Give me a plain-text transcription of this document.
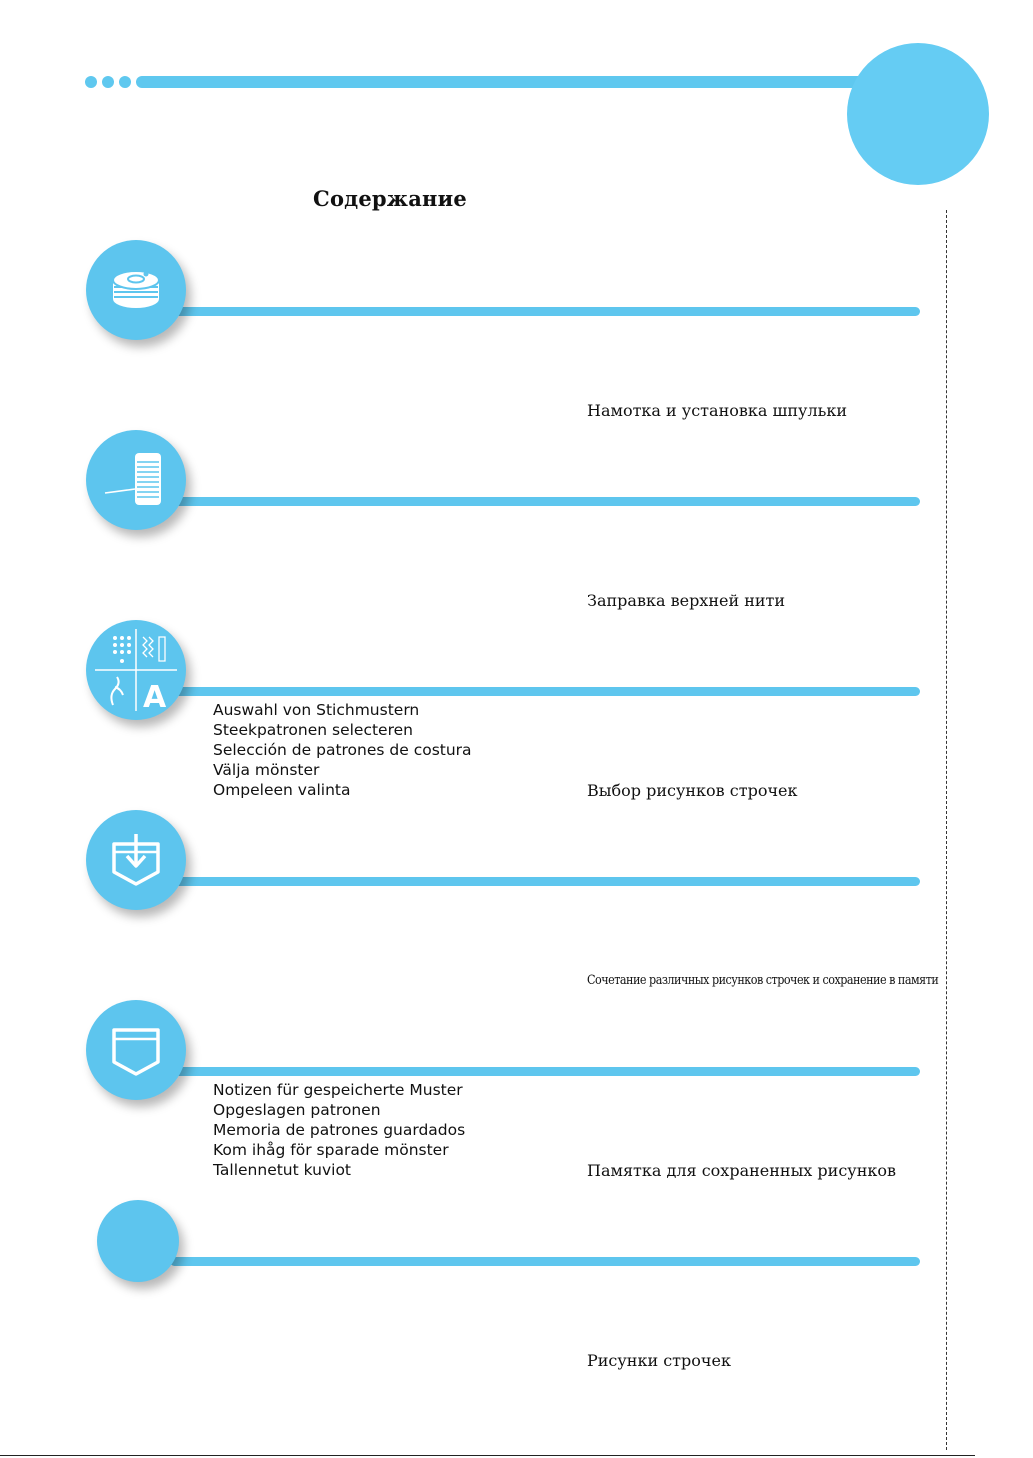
Содержание
Намотка и установка шпульки
Заправка верхней нити
A	Auswahl von Stichmustern
Steekpatronen selecteren
Selección de patrones de costura
Välja mönster
Ompeleen valinta	Выбор рисунков строчек
Сочетание различных рисунков строчек и сохранение в памяти
Notizen für gespeicherte Muster
Opgeslagen patronen
Memoria de patrones guardados
Kom ihåg för sparade mönster
Tallennetut kuviot	Памятка для сохраненных рисунков
Рисунки строчек
